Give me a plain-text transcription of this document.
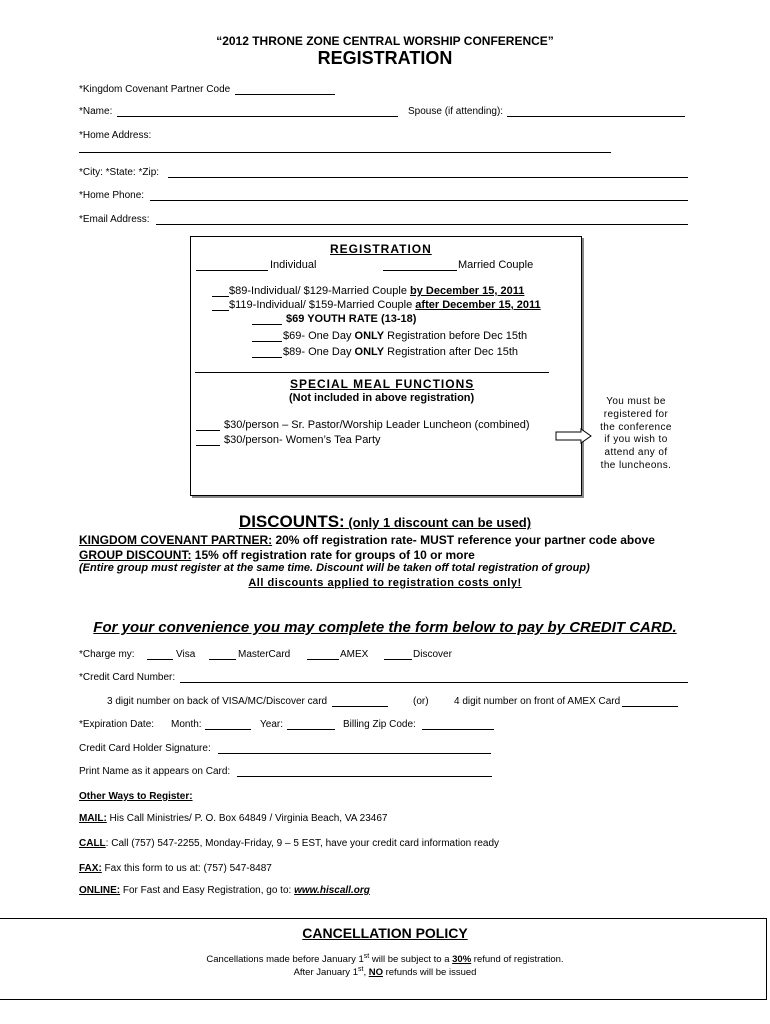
“2012 THRONE ZONE CENTRAL WORSHIP CONFERENCE”
REGISTRATION
*Kingdom Covenant Partner Code
*Name:	Spouse (if attending):
*Home Address:
*City: *State: *Zip:
*Home Phone:
*Email Address:
REGISTRATION
Individual	Married Couple
$89-Individual/ $129-Married Couple by December 15, 2011
$119-Individual/ $159-Married Couple after December 15, 2011
$69 YOUTH RATE (13-18)
$69- One Day ONLY Registration before Dec 15th
$89- One Day ONLY Registration after Dec 15th
SPECIAL MEAL FUNCTIONS
(Not included in above registration)
$30/person – Sr. Pastor/Worship Leader Luncheon (combined)
$30/person- Women’s Tea Party
You must be registered for the conference if you wish to attend any of the luncheons.
DISCOUNTS: (only 1 discount can be used)
KINGDOM COVENANT PARTNER: 20% off registration rate- MUST reference your partner code above
GROUP DISCOUNT: 15% off registration rate for groups of 10 or more
(Entire group must register at the same time. Discount will be taken off total registration of group)
All discounts applied to registration costs only!
For your convenience you may complete the form below to pay by CREDIT CARD.
*Charge my:	Visa	MasterCard	AMEX	Discover
*Credit Card Number:
3 digit number on back of VISA/MC/Discover card	(or)	4 digit number on front of AMEX Card
*Expiration Date: Month:	Year:	Billing Zip Code:
Credit Card Holder Signature:
Print Name as it appears on Card:
Other Ways to Register:
MAIL: His Call Ministries/ P. O. Box 64849 / Virginia Beach, VA 23467
CALL: Call (757) 547-2255, Monday-Friday, 9 – 5 EST, have your credit card information ready
FAX: Fax this form to us at: (757) 547-8487
ONLINE: For Fast and Easy Registration, go to: www.hiscall.org
CANCELLATION POLICY
Cancellations made before January 1st will be subject to a 30% refund of registration.
After January 1st, NO refunds will be issued
